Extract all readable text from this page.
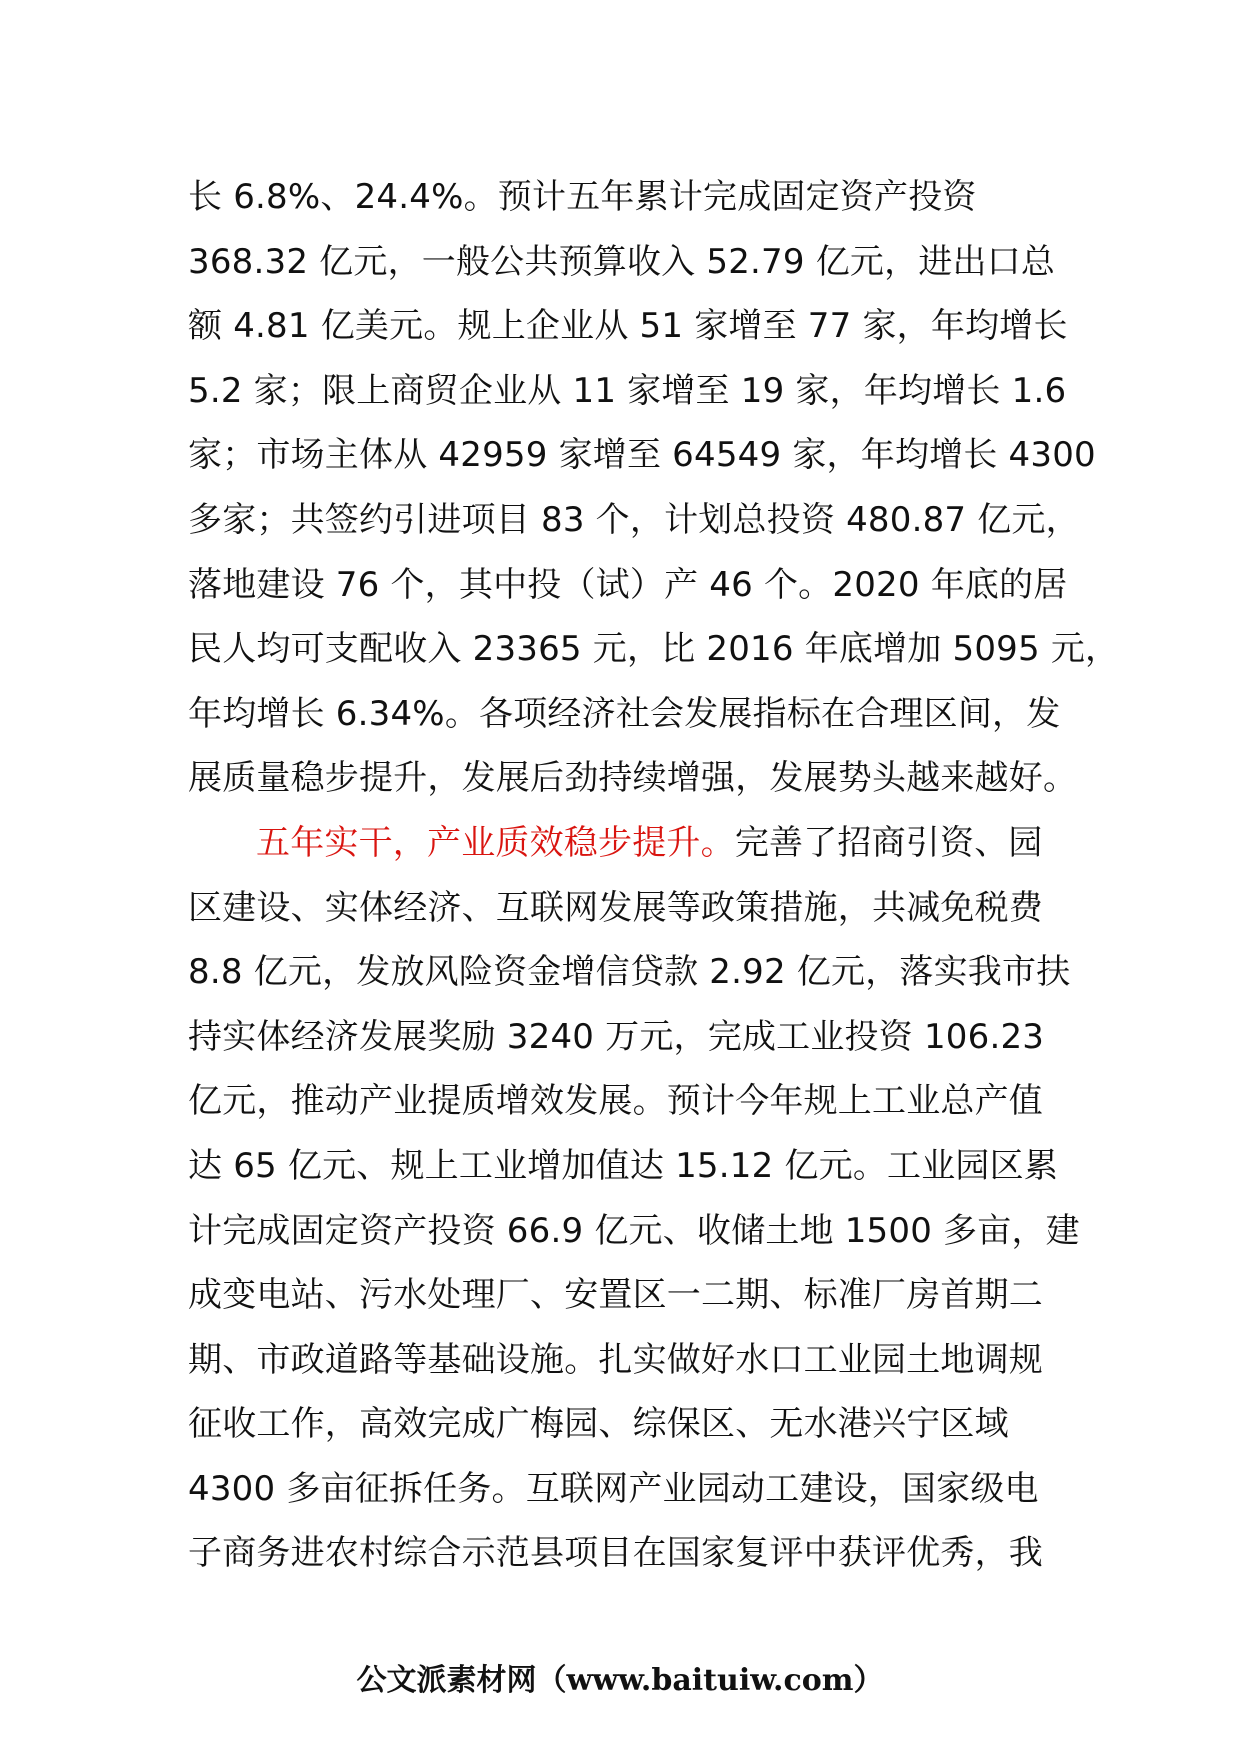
长 6.8%、24.4%。预计五年累计完成固定资产投资
368.32 亿元，一般公共预算收入 52.79 亿元，进出口总
额 4.81 亿美元。规上企业从 51 家增至 77 家，年均增长
5.2 家；限上商贸企业从 11 家增至 19 家，年均增长 1.6
家；市场主体从 42959 家增至 64549 家，年均增长 4300
多家；共签约引进项目 83 个，计划总投资 480.87 亿元，
落地建设 76 个，其中投（试）产 46 个。2020 年底的居
民人均可支配收入 23365 元，比 2016 年底增加 5095 元，
年均增长 6.34%。各项经济社会发展指标在合理区间，发
展质量稳步提升，发展后劲持续增强，发展势头越来越好。
五年实干，产业质效稳步提升。完善了招商引资、园
区建设、实体经济、互联网发展等政策措施，共减免税费
8.8 亿元，发放风险资金增信贷款 2.92 亿元，落实我市扶
持实体经济发展奖励 3240 万元，完成工业投资 106.23
亿元，推动产业提质增效发展。预计今年规上工业总产值
达 65 亿元、规上工业增加值达 15.12 亿元。工业园区累
计完成固定资产投资 66.9 亿元、收储土地 1500 多亩，建
成变电站、污水处理厂、安置区一二期、标准厂房首期二
期、市政道路等基础设施。扎实做好水口工业园土地调规
征收工作，高效完成广梅园、综保区、无水港兴宁区域
4300 多亩征拆任务。互联网产业园动工建设，国家级电
子商务进农村综合示范县项目在国家复评中获评优秀，我
公文派素材网（www.baituiw.com）
